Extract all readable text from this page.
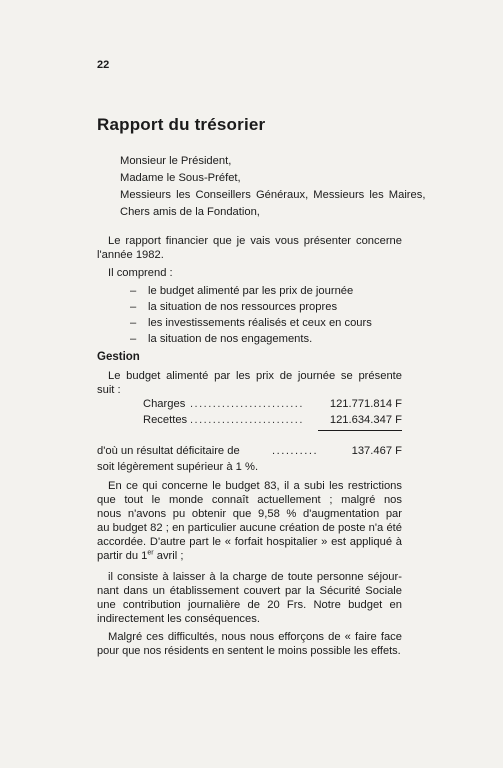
22
Rapport du trésorier
Monsieur le Président,
Madame le Sous-Préfet,
Messieurs les Conseillers Généraux, Messieurs les Maires,
Chers amis de la Fondation,
Le rapport financier que je vais vous présenter concerne
l'année 1982.
Il comprend :
– le budget alimenté par les prix de journée
– la situation de nos ressources propres
– les investissements réalisés et ceux en cours
– la situation de nos engagements.
Gestion
Le budget alimenté par les prix de journée se présente
suit :
Charges .........................	121.771.814 F
Recettes .........................	121.634.347 F
d'où un résultat déficitaire de	..........	137.467 F
soit légèrement supérieur à 1 %.
En ce qui concerne le budget 83, il a subi les restrictions
que tout le monde connaît actuellement ; malgré nos
nous n'avons pu obtenir que 9,58 % d'augmentation par
au budget 82 ; en particulier aucune création de poste n'a été
accordée. D'autre part le « forfait hospitalier » est appliqué à
partir du 1er avril ;
il consiste à laisser à la charge de toute personne séjour-
nant dans un établissement couvert par la Sécurité Sociale
une contribution journalière de 20 Frs. Notre budget en
indirectement les conséquences.
Malgré ces difficultés, nous nous efforçons de « faire face
pour que nos résidents en sentent le moins possible les effets.
